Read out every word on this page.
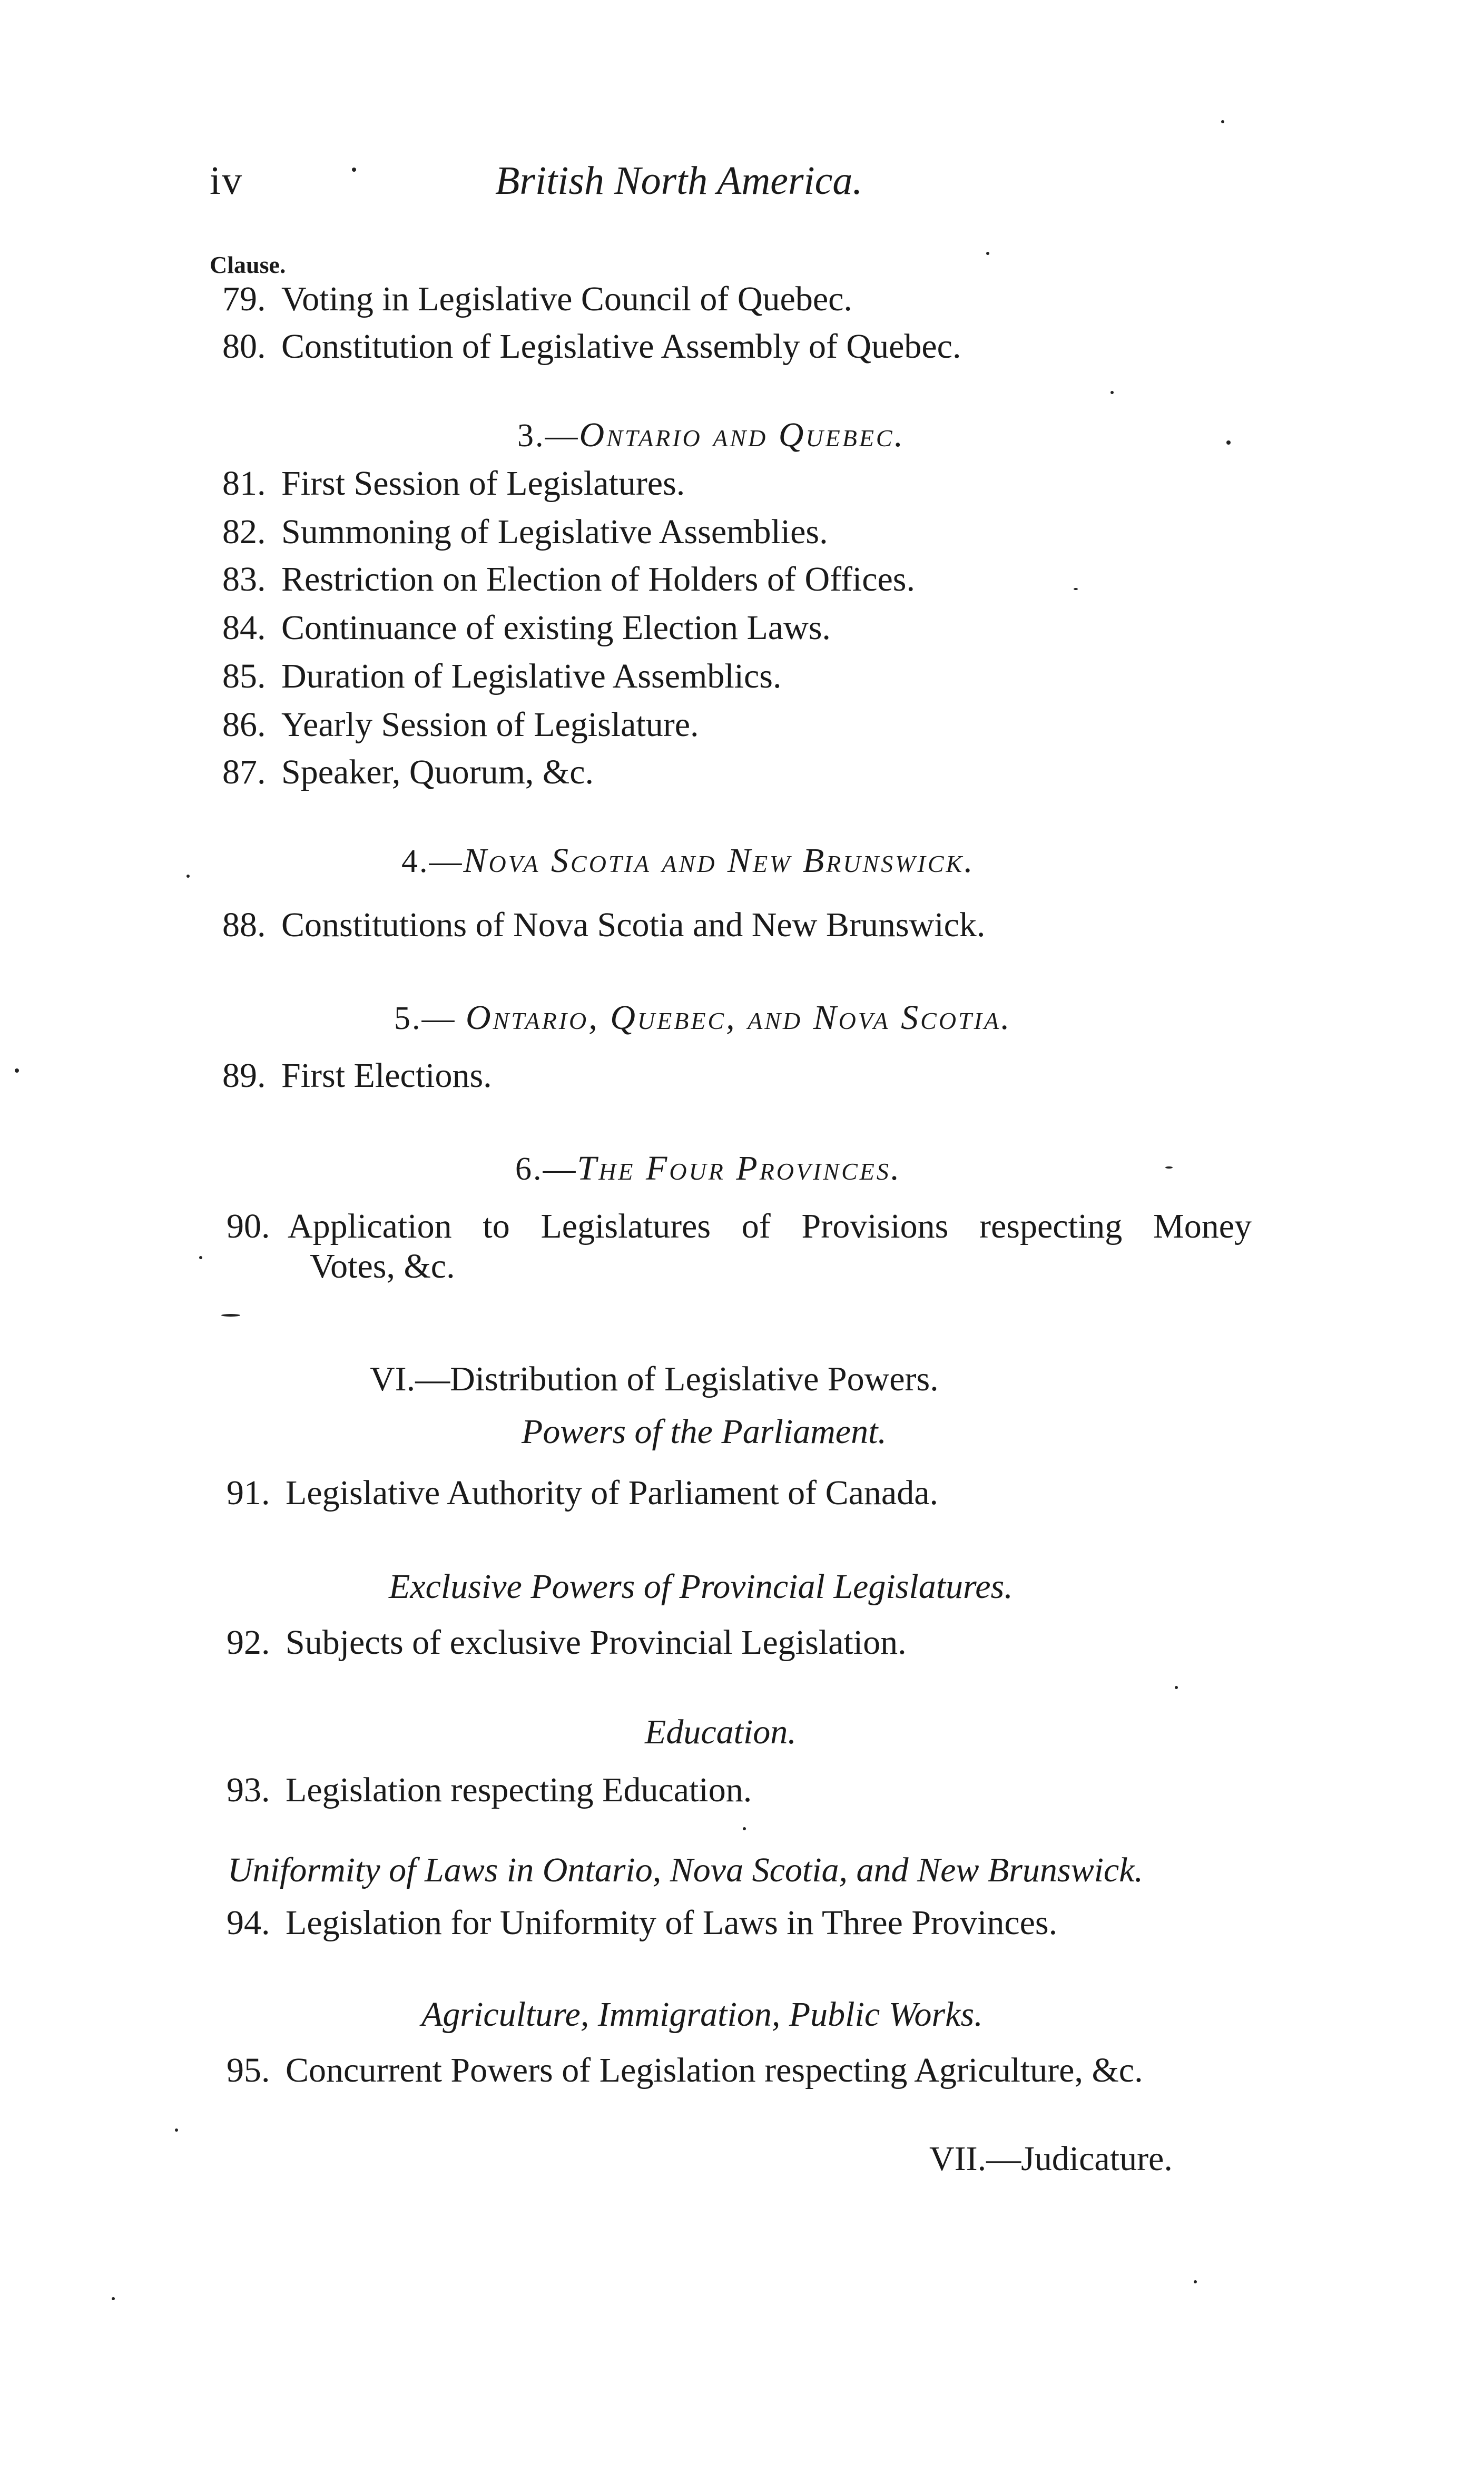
iv	British North America.
Clause.
79. Voting in Legislative Council of Quebec.
80. Constitution of Legislative Assembly of Quebec.
3.—Ontario and Quebec.
81. First Session of Legislatures.
82. Summoning of Legislative Assemblies.
83. Restriction on Election of Holders of Offices.
84. Continuance of existing Election Laws.
85. Duration of Legislative Assemblics.
86. Yearly Session of Legislature.
87. Speaker, Quorum, &c.
4.—Nova Scotia and New Brunswick.
88. Constitutions of Nova Scotia and New Brunswick.
5.— Ontario, Quebec, and Nova Scotia.
89. First Elections.
6.—The Four Provinces.
90. Application to Legislatures of Provisions respecting Money
Votes, &c.
VI.—Distribution of Legislative Powers.
Powers of the Parliament.
91. Legislative Authority of Parliament of Canada.
Exclusive Powers of Provincial Legislatures.
92. Subjects of exclusive Provincial Legislation.
Education.
93. Legislation respecting Education.
Uniformity of Laws in Ontario, Nova Scotia, and New Brunswick.
94. Legislation for Uniformity of Laws in Three Provinces.
Agriculture, Immigration, Public Works.
95. Concurrent Powers of Legislation respecting Agriculture, &c.
VII.—Judicature.
